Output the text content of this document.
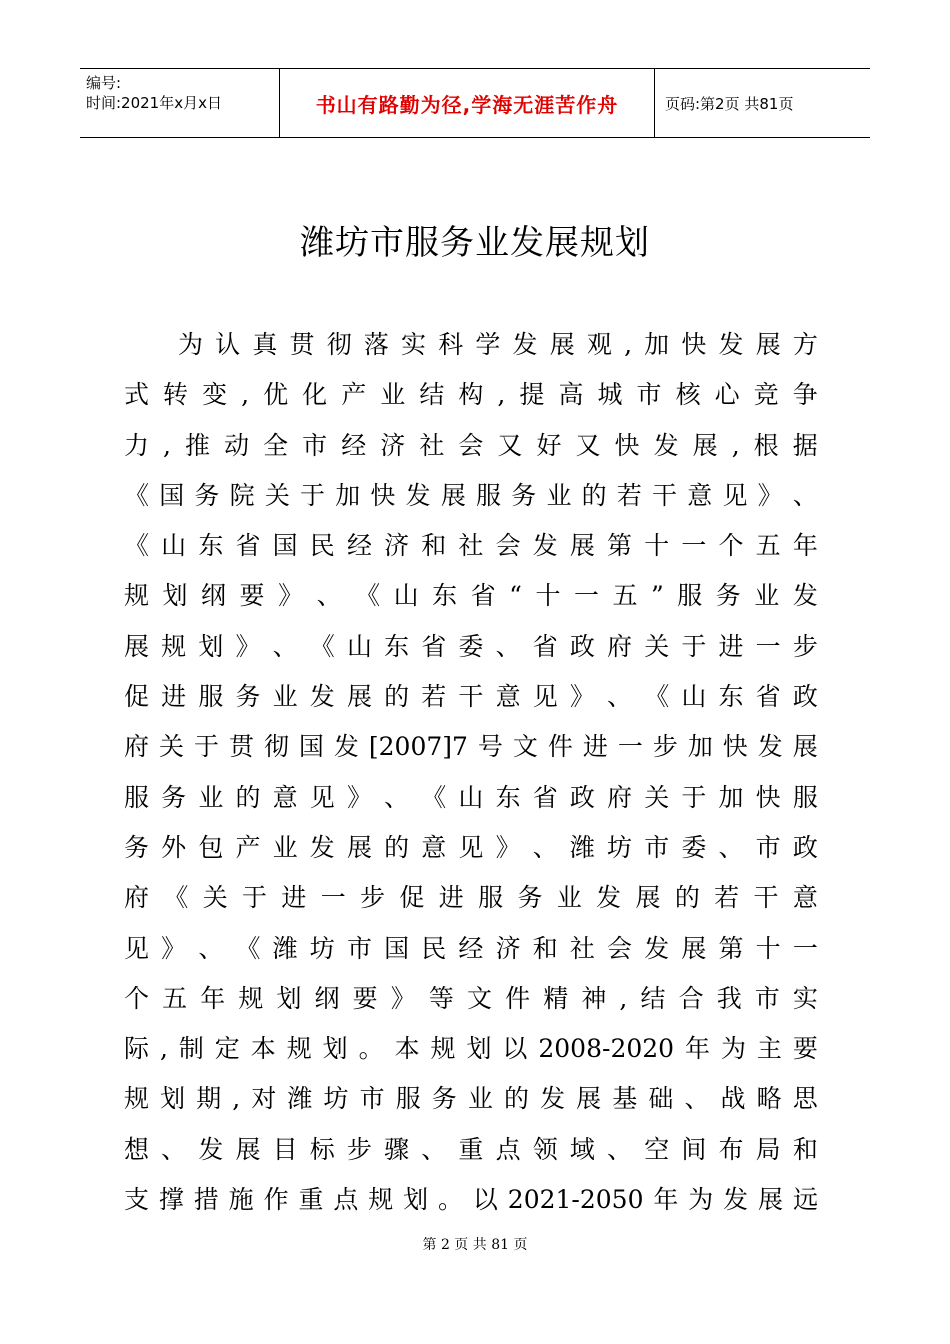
编号:
时间:2021年x月x日	书山有路勤为径,学海无涯苦作舟	页码:第2页 共81页
潍坊市服务业发展规划
为 认 真 贯 彻 落 实 科 学 发 展 观 , 加 快 发 展 方
式 转 变 , 优 化 产 业 结 构 , 提 高 城 市 核 心 竞 争
力 , 推 动 全 市 经 济 社 会 又 好 又 快 发 展 , 根 据
《 国 务 院 关 于 加 快 发 展 服 务 业 的 若 干 意 见 》 、
《 山 东 省 国 民 经 济 和 社 会 发 展 第 十 一 个 五 年
规 划 纲 要 》 、 《 山 东 省 “ 十 一 五 ” 服 务 业 发
展 规 划 》 、 《 山 东 省 委 、 省 政 府 关 于 进 一 步
促 进 服 务 业 发 展 的 若 干 意 见 》 、 《 山 东 省 政
府 关 于 贯 彻 国 发 [2007]7 号 文 件 进 一 步 加 快 发 展
服 务 业 的 意 见 》 、 《 山 东 省 政 府 关 于 加 快 服
务 外 包 产 业 发 展 的 意 见 》 、 潍 坊 市 委 、 市 政
府 《 关 于 进 一 步 促 进 服 务 业 发 展 的 若 干 意
见 》 、 《 潍 坊 市 国 民 经 济 和 社 会 发 展 第 十 一
个 五 年 规 划 纲 要 》 等 文 件 精 神 , 结 合 我 市 实
际 , 制 定 本 规 划 。 本 规 划 以 2008-2020 年 为 主 要
规 划 期 , 对 潍 坊 市 服 务 业 的 发 展 基 础 、 战 略 思
想 、 发 展 目 标 步 骤 、 重 点 领 域 、 空 间 布 局 和
支 撑 措 施 作 重 点 规 划 。 以 2021-2050 年 为 发 展 远
第 2 页 共 81 页
